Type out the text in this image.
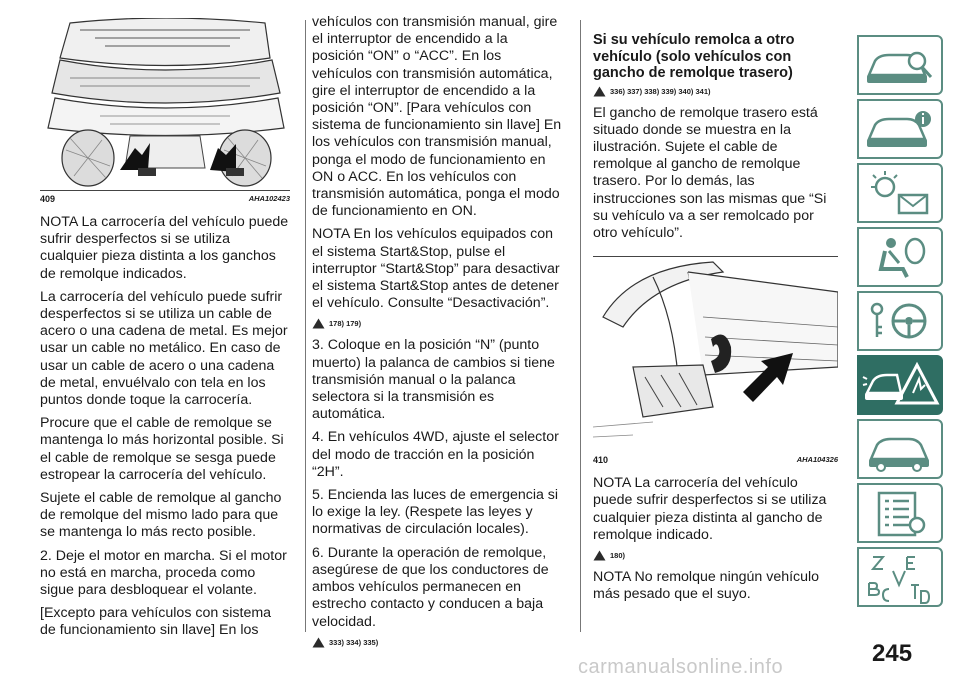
409	AHA102423

NOTA La carrocería del vehículo puede sufrir desperfectos si se utiliza cualquier pieza distinta a los ganchos de remolque indicados.

La carrocería del vehículo puede sufrir desperfectos si se utiliza un cable de acero o una cadena de metal. Es mejor usar un cable no metálico. En caso de usar un cable de acero o una cadena de metal, envuélvalo con tela en los puntos donde toque la carrocería.

Procure que el cable de remolque se mantenga lo más horizontal posible. Si el cable de remolque se sesga puede estropear la carrocería del vehículo.

Sujete el cable de remolque al gancho de remolque del mismo lado para que se mantenga lo más recto posible.

2. Deje el motor en marcha. Si el motor no está en marcha, proceda como sigue para desbloquear el volante.

[Excepto para vehículos con sistema de funcionamiento sin llave] En los

vehículos con transmisión manual, gire el interruptor de encendido a la posición “ON” o “ACC”. En los vehículos con transmisión automática, gire el interruptor de encendido a la posición “ON”. [Para vehículos con sistema de funcionamiento sin llave] En los vehículos con transmisión manual, ponga el modo de funcionamiento en ON o ACC. En los vehículos con transmisión automática, ponga el modo de funcionamiento en ON.

NOTA En los vehículos equipados con el sistema Start&Stop, pulse el interruptor “Start&Stop” para desactivar el sistema Start&Stop antes de detener el vehículo. Consulte “Desactivación”.

178) 179)

3. Coloque en la posición “N” (punto muerto) la palanca de cambios si tiene transmisión manual o la palanca selectora si la transmisión es automática.

4. En vehículos 4WD, ajuste el selector del modo de tracción en la posición “2H”.

5. Encienda las luces de emergencia si lo exige la ley. (Respete las leyes y normativas de circulación locales).

6. Durante la operación de remolque, asegúrese de que los conductores de ambos vehículos permanecen en estrecho contacto y conducen a baja velocidad.

333) 334) 335)
Si su vehículo remolca a otro vehículo (solo vehículos con gancho de remolque trasero)
336) 337) 338) 339) 340) 341)

El gancho de remolque trasero está situado donde se muestra en la ilustración. Sujete el cable de remolque al gancho de remolque trasero. Por lo demás, las instrucciones son las mismas que “Si su vehículo va a ser remolcado por otro vehículo”.

410	AHA104326

NOTA La carrocería del vehículo puede sufrir desperfectos si se utiliza cualquier pieza distinta al gancho de remolque indicado.

180)

NOTA No remolque ningún vehículo más pesado que el suyo.

245
carmanualsonline.info
